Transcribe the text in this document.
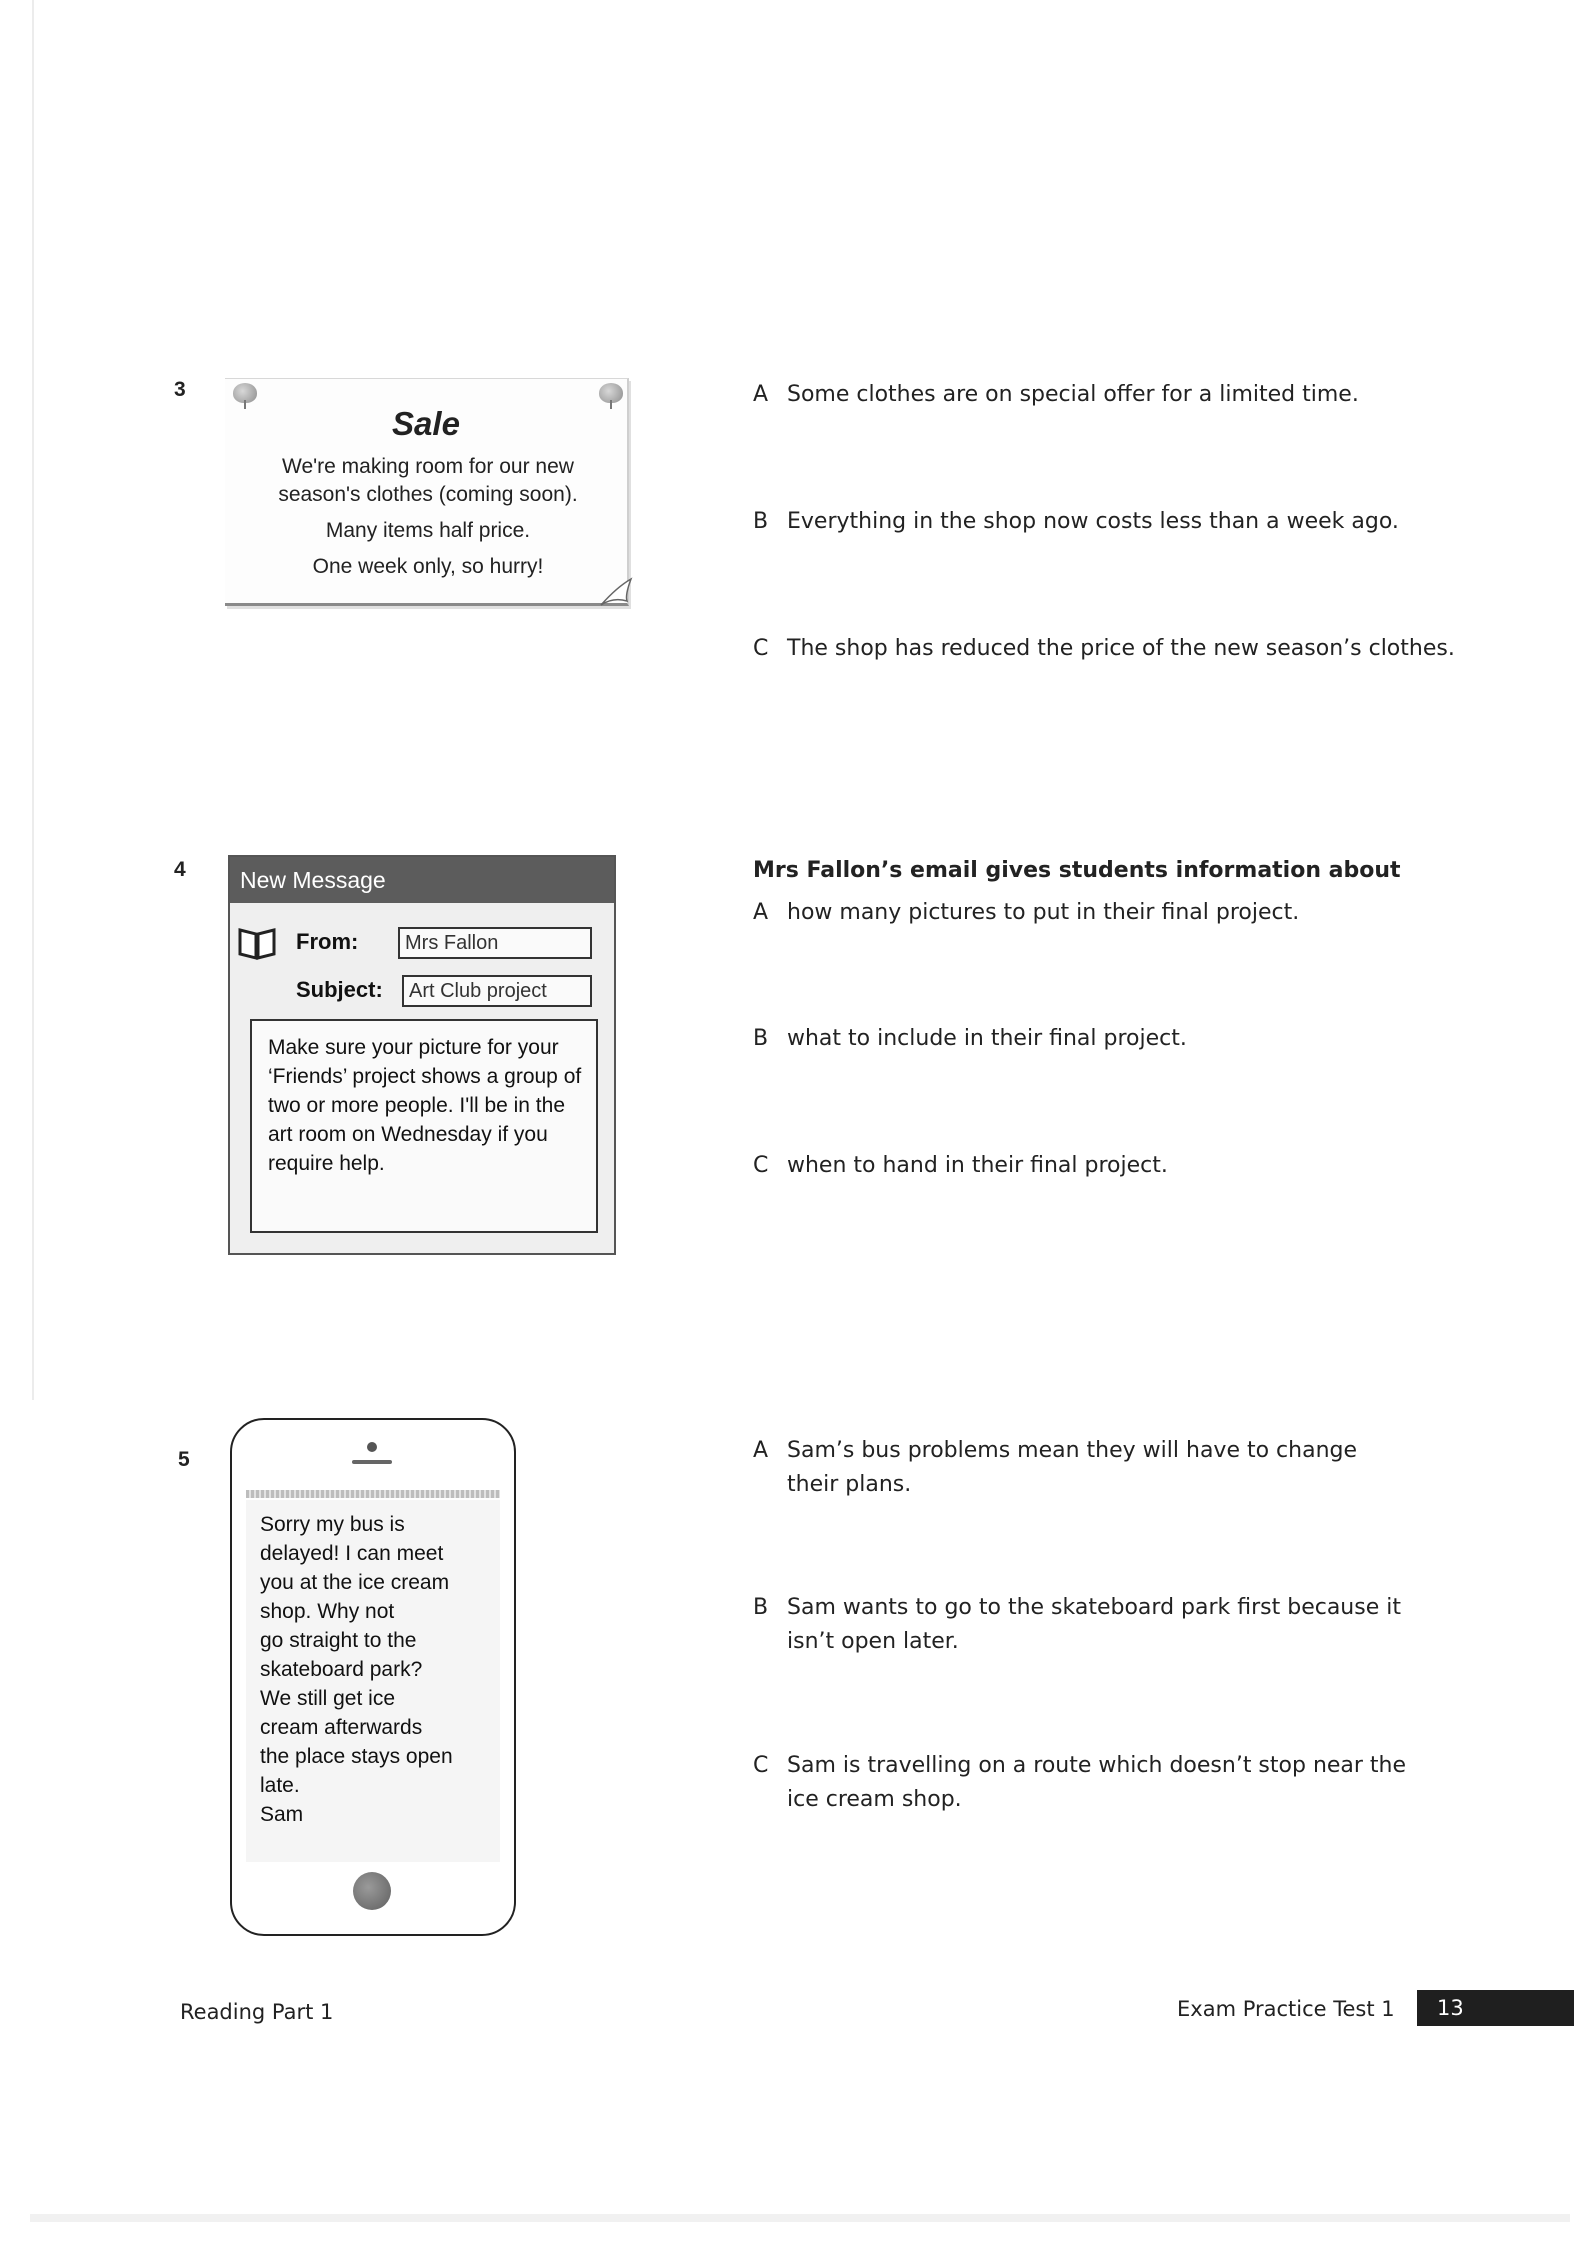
3
Sale
We're making room for our new
season's clothes (coming soon).
Many items half price.
One week only, so hurry!
A Some clothes are on special offer for a limited time.
B Everything in the shop now costs less than a week ago.
C The shop has reduced the price of the new season’s clothes.
4	New Message
From:	Mrs Fallon
Subject:	Art Club project
Make sure your picture for your ‘Friends’ project shows a group of two or more people. I'll be in the art room on Wednesday if you require help.
Mrs Fallon’s email gives students information about
A how many pictures to put in their final project.
B what to include in their final project.
C when to hand in their final project.
5
Sorry my bus is
delayed! I can meet
you at the ice cream
shop. Why not
go straight to the
skateboard park?
We still get ice
cream afterwards
the place stays open
late.
Sam
A Sam’s bus problems mean they will have to change their plans.
B Sam wants to go to the skateboard park first because it isn’t open later.
C Sam is travelling on a route which doesn’t stop near the ice cream shop.
Reading Part 1	Exam Practice Test 1	13
